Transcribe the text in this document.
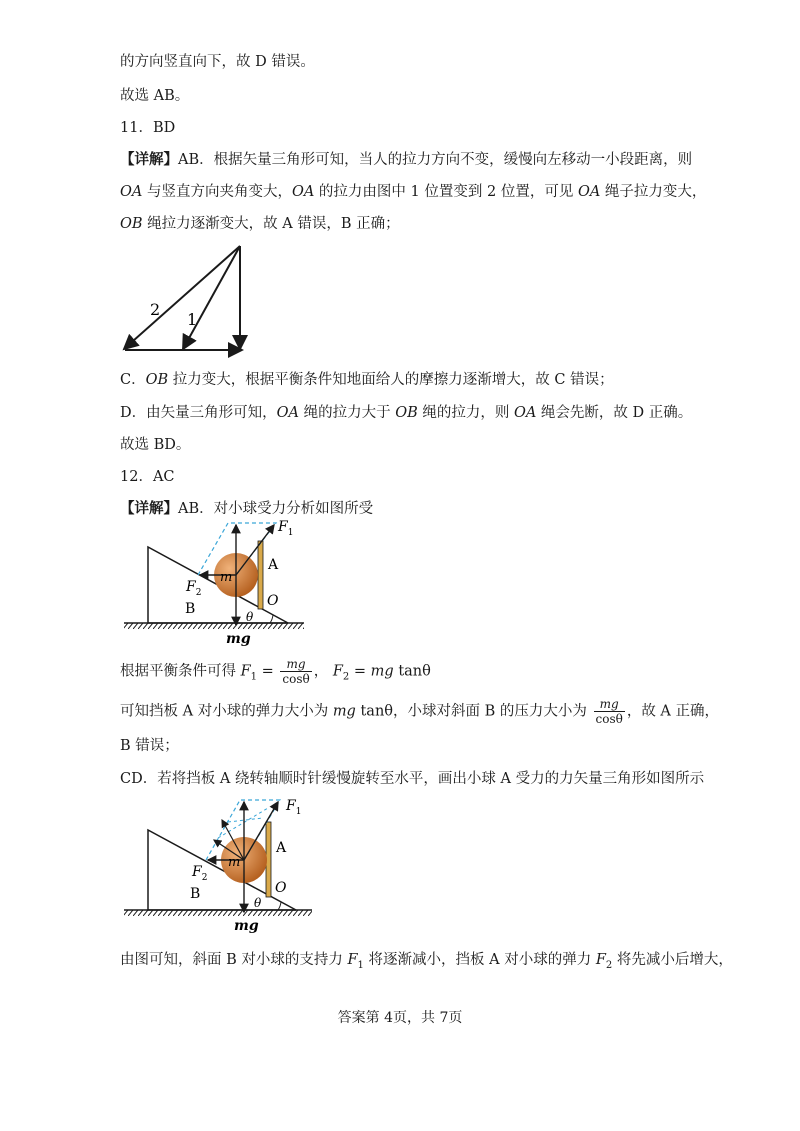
的方向竖直向下，故 D 错误。
故选 AB。
11．BD
【详解】AB．根据矢量三角形可知，当人的拉力方向不变，缓慢向左移动一小段距离，则
OA 与竖直方向夹角变大，OA 的拉力由图中 1 位置变到 2 位置，可见 OA 绳子拉力变大，
OB 绳拉力逐渐变大，故 A 错误，B 正确；
2
1
C．OB 拉力变大，根据平衡条件知地面给人的摩擦力逐渐增大，故 C 错误；
D．由矢量三角形可知，OA 绳的拉力大于 OB 绳的拉力，则 OA 绳会先断，故 D 正确。
故选 BD。
12．AC
【详解】AB．对小球受力分析如图所受
$F_1$
A
m
$F_2$
B	O
θ
mg
根据平衡条件可得 $F_1 = \frac{mg}{\cos\theta}$ ， $F_2$ = mg tanθ
可知挡板 A 对小球的弹力大小为 mg tanθ，小球对斜面 B 的压力大小为 $\frac{mg}{\cos\theta}$ ，故 A 正确，
B 错误；
CD．若将挡板 A 绕转轴顺时针缓慢旋转至水平，画出小球 A 受力的力矢量三角形如图所示
$F_1$
A
m
$F_2$
B	O
θ
mg
由图可知，斜面 B 对小球的支持力 $F_1$ 将逐渐减小，挡板 A 对小球的弹力 $F_2$ 将先减小后增大，
答案第 4页，共 7页
